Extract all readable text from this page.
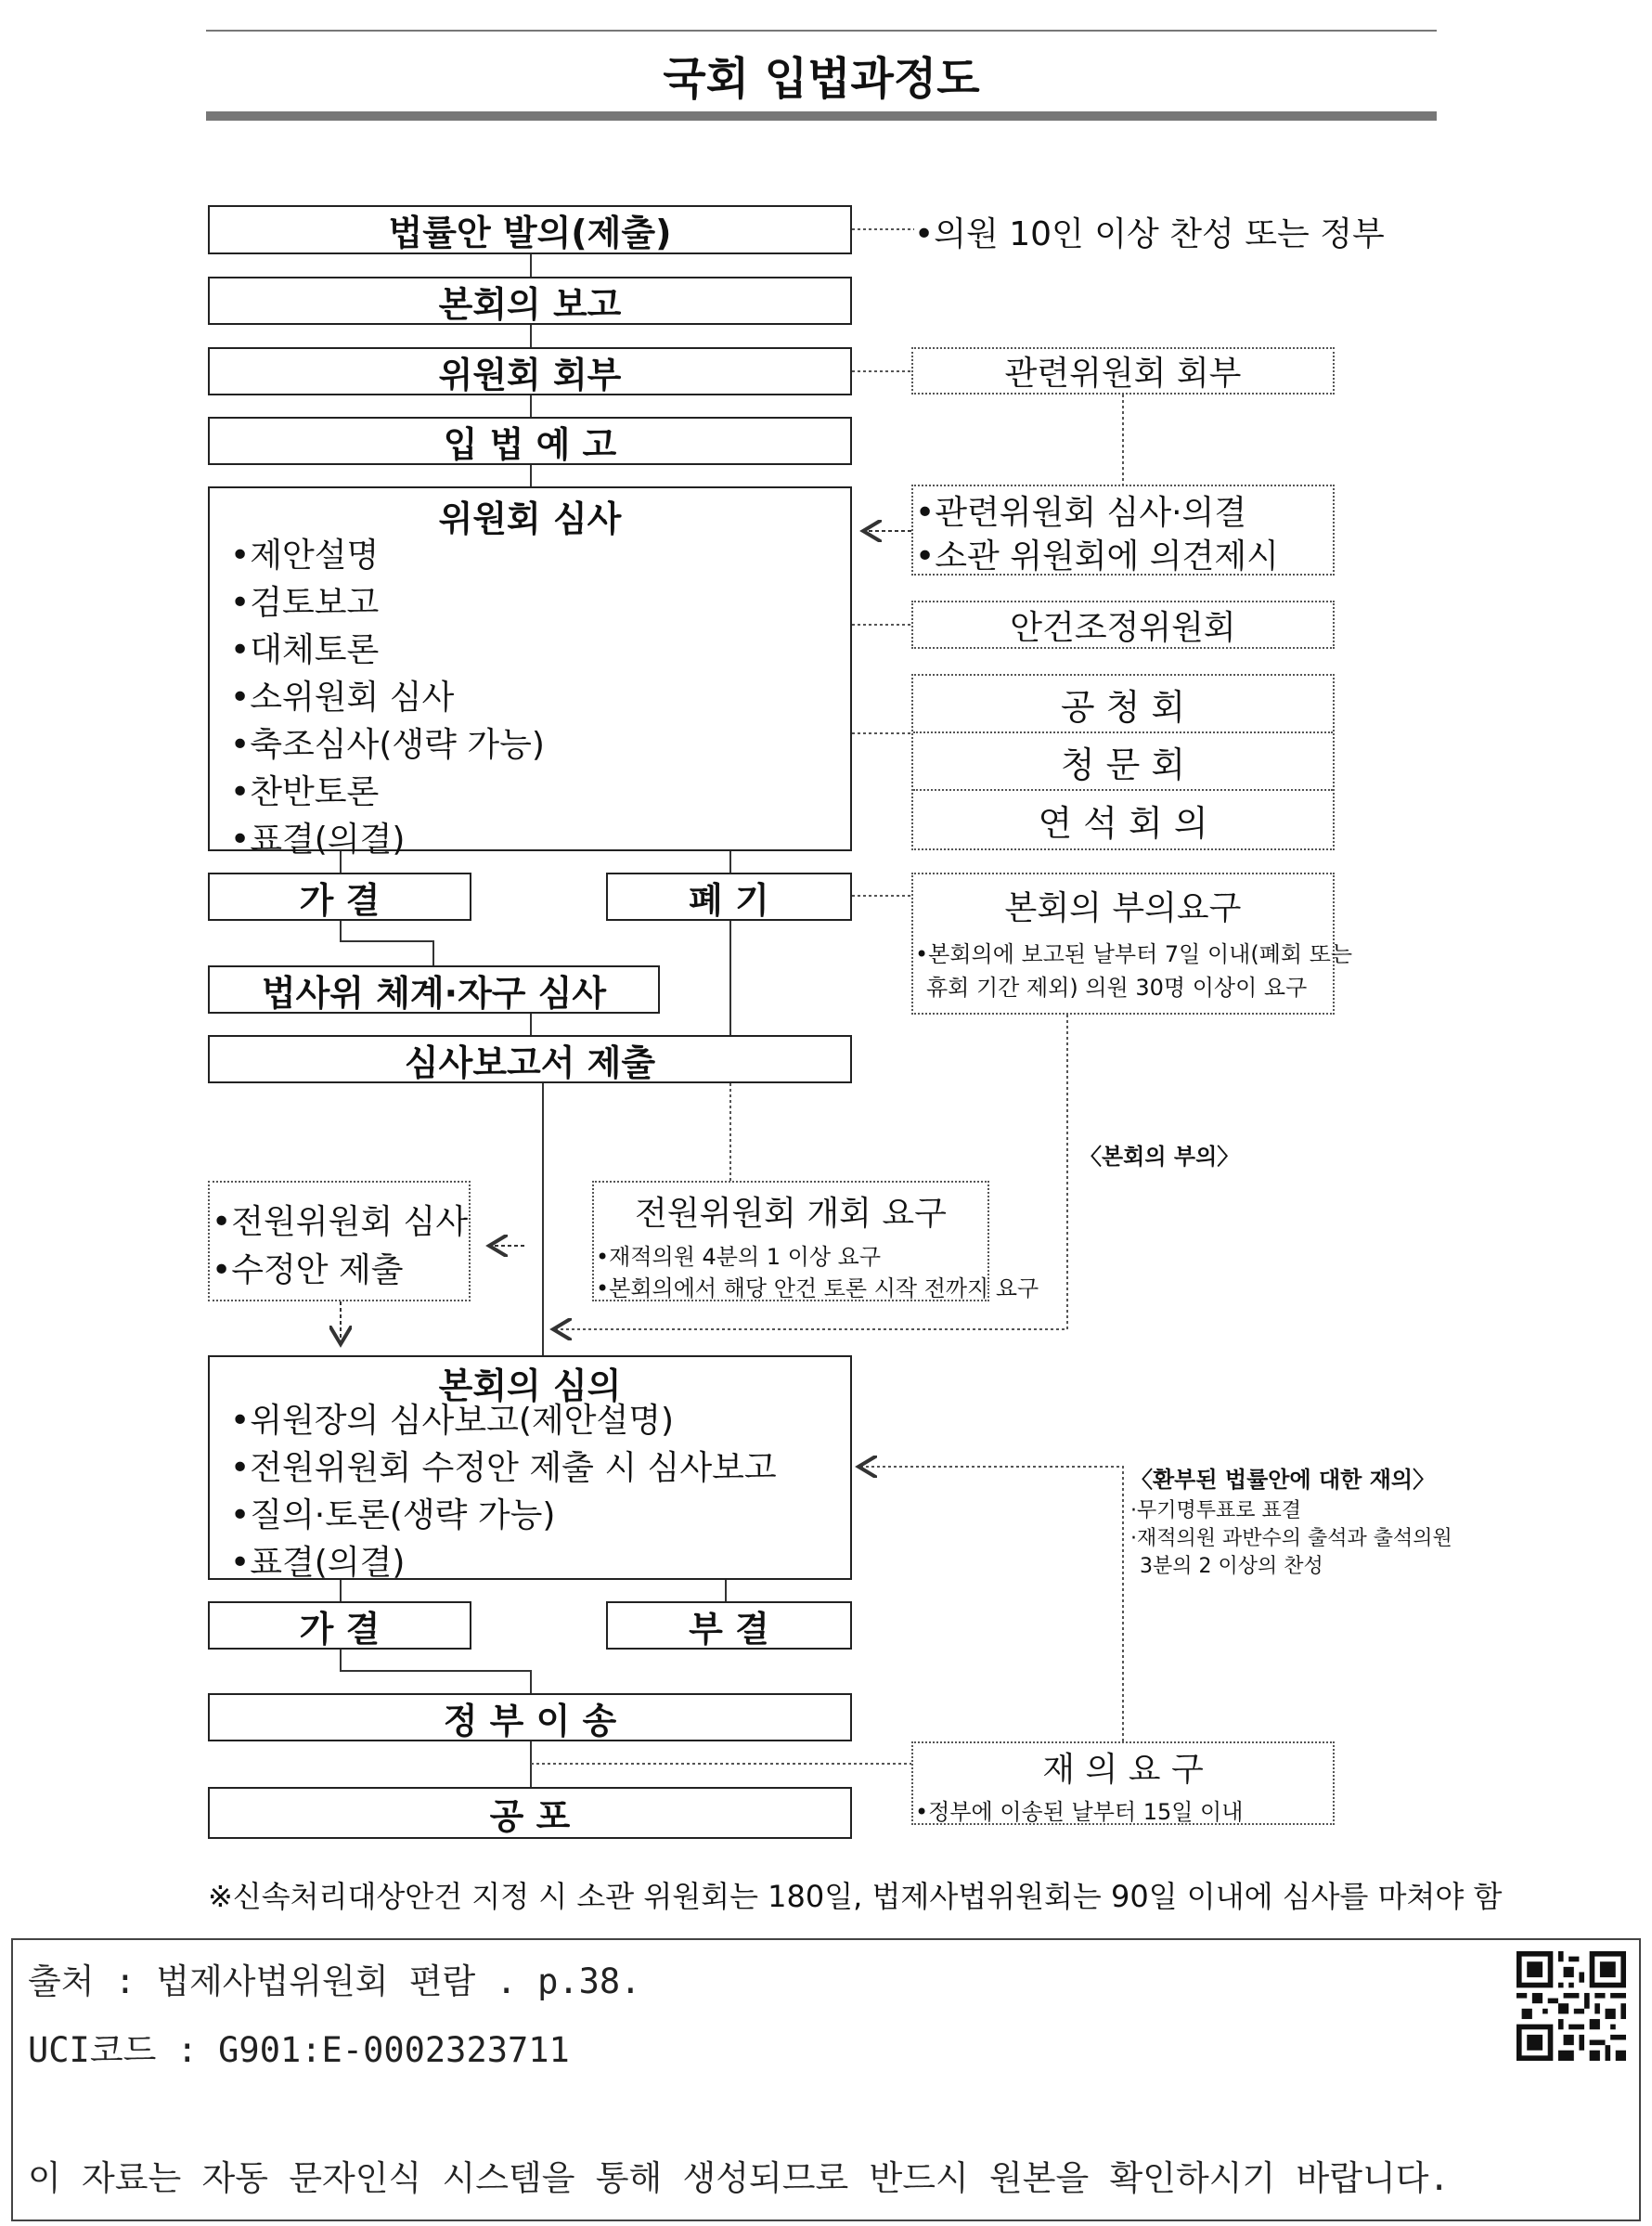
국회 입법과정도
법률안 발의(제출)
본회의 보고
위원회 회부
입 법 예 고
위원회 심사
•제안설명
•검토보고
•대체토론
•소위원회 심사
•축조심사(생략 가능)
•찬반토론
•표결(의결)
가 결	폐 기
법사위 체계·자구 심사
심사보고서 제출
본회의 심의
•위원장의 심사보고(제안설명)
•전원위원회 수정안 제출 시 심사보고
•질의·토론(생략 가능)
•표결(의결)
가 결	부 결
정 부 이 송
공 포
•의원 10인 이상 찬성 또는 정부
관련위원회 회부
•관련위원회 심사·의결
•소관 위원회에 의견제시
안건조정위원회
공 청 회
청 문 회
연 석 회 의
본회의 부의요구
•본회의에 보고된 날부터 7일 이내(폐회 또는
휴회 기간 제외) 의원 30명 이상이 요구
〈본회의 부의〉
전원위원회 개회 요구
•재적의원 4분의 1 이상 요구
•본회의에서 해당 안건 토론 시작 전까지 요구
•전원위원회 심사
•수정안 제출
〈환부된 법률안에 대한 재의〉
·무기명투표로 표결
·재적의원 과반수의 출석과 출석의원
3분의 2 이상의 찬성
재 의 요 구
•정부에 이송된 날부터 15일 이내
※신속처리대상안건 지정 시 소관 위원회는 180일, 법제사법위원회는 90일 이내에 심사를 마쳐야 함
출처 : 법제사법위원회 편람 . p.38.
UCI코드 : G901:E-0002323711
이 자료는 자동 문자인식 시스템을 통해 생성되므로 반드시 원본을 확인하시기 바랍니다.
